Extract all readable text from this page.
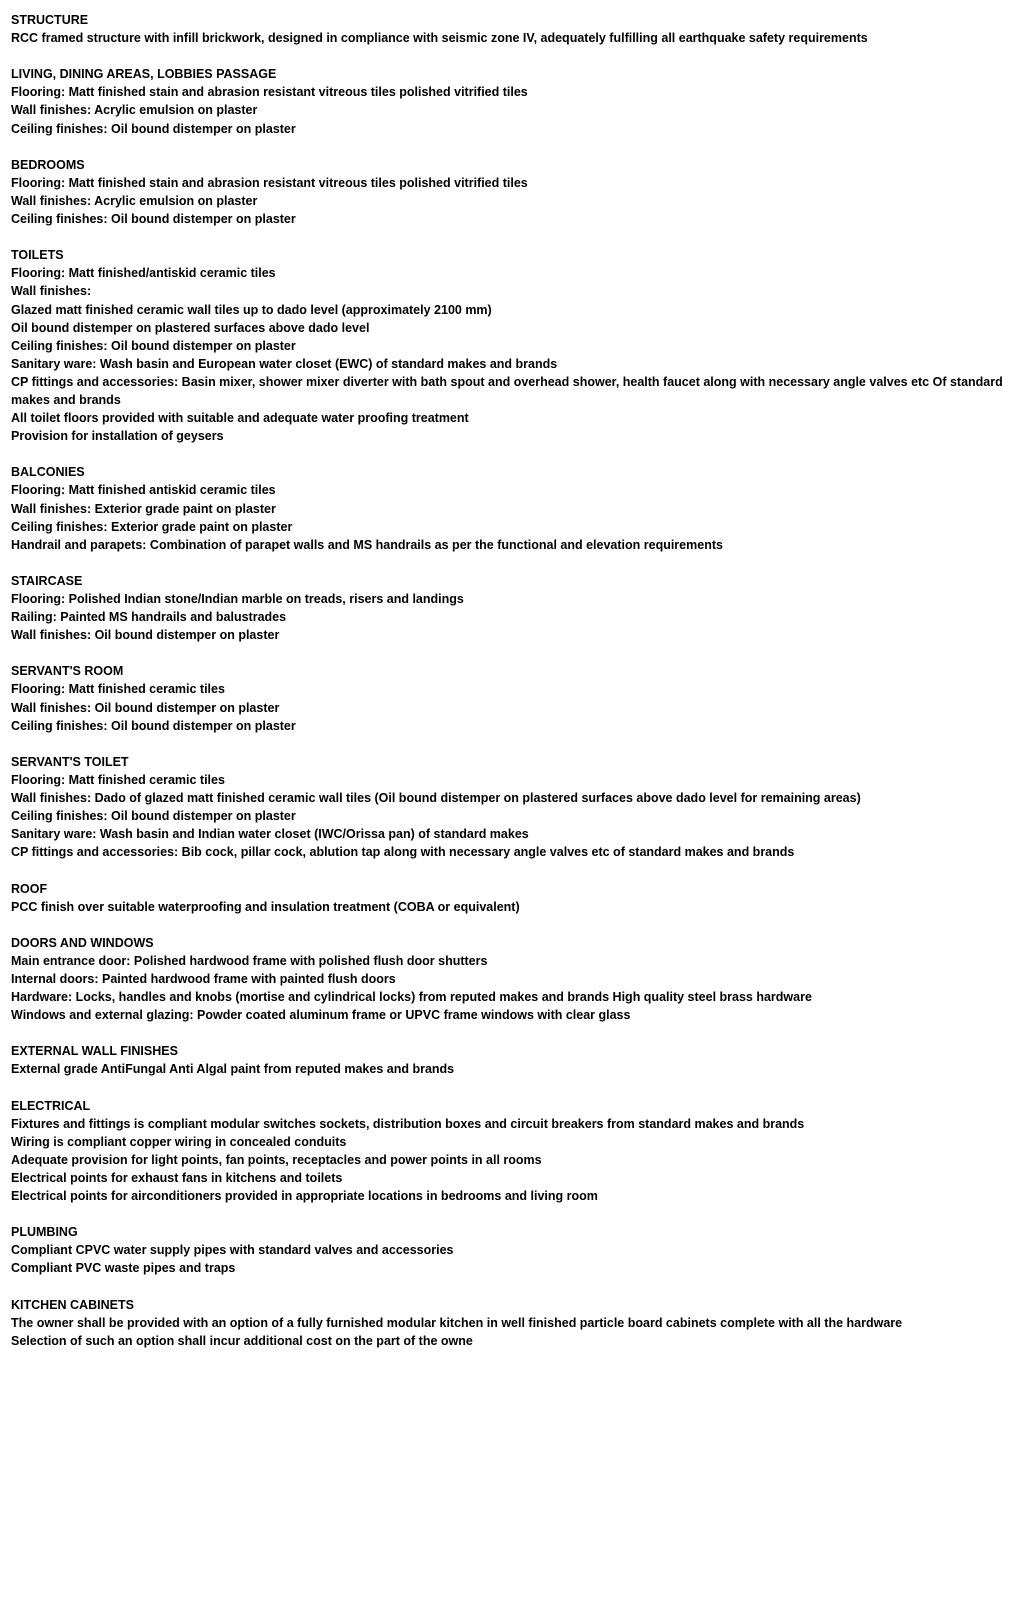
STRUCTURE
RCC framed structure with infill brickwork, designed in compliance with seismic zone IV, adequately fulfilling all earthquake safety requirements
LIVING, DINING AREAS, LOBBIES PASSAGE
Flooring: Matt finished stain and abrasion resistant vitreous tiles polished vitrified tiles
Wall finishes: Acrylic emulsion on plaster
Ceiling finishes: Oil bound distemper on plaster
BEDROOMS
Flooring: Matt finished stain and abrasion resistant vitreous tiles polished vitrified tiles
Wall finishes: Acrylic emulsion on plaster
Ceiling finishes: Oil bound distemper on plaster
TOILETS
Flooring: Matt finished/antiskid ceramic tiles
Wall finishes:
Glazed matt finished ceramic wall tiles up to dado level (approximately 2100 mm)
Oil bound distemper on plastered surfaces above dado level
Ceiling finishes: Oil bound distemper on plaster
Sanitary ware: Wash basin and European water closet (EWC) of standard makes and brands
CP fittings and accessories: Basin mixer, shower mixer diverter with bath spout and overhead shower, health faucet along with necessary angle valves etc Of standard makes and brands
All toilet floors provided with suitable and adequate water proofing treatment
Provision for installation of geysers
BALCONIES
Flooring: Matt finished antiskid ceramic tiles
Wall finishes: Exterior grade paint on plaster
Ceiling finishes: Exterior grade paint on plaster
Handrail and parapets: Combination of parapet walls and MS handrails as per the functional and elevation requirements
STAIRCASE
Flooring: Polished Indian stone/Indian marble on treads, risers and landings
Railing: Painted MS handrails and balustrades
Wall finishes: Oil bound distemper on plaster
SERVANT'S ROOM
Flooring: Matt finished ceramic tiles
Wall finishes: Oil bound distemper on plaster
Ceiling finishes: Oil bound distemper on plaster
SERVANT'S TOILET
Flooring: Matt finished ceramic tiles
Wall finishes: Dado of glazed matt finished ceramic wall tiles (Oil bound distemper on plastered surfaces above dado level for remaining areas)
Ceiling finishes: Oil bound distemper on plaster
Sanitary ware: Wash basin and Indian water closet (IWC/Orissa pan) of standard makes
CP fittings and accessories: Bib cock, pillar cock, ablution tap along with necessary angle valves etc of standard makes and brands
ROOF
PCC finish over suitable waterproofing and insulation treatment (COBA or equivalent)
DOORS AND WINDOWS
Main entrance door: Polished hardwood frame with polished flush door shutters
Internal doors: Painted hardwood frame with painted flush doors
Hardware: Locks, handles and knobs (mortise and cylindrical locks) from reputed makes and brands High quality steel brass hardware
Windows and external glazing: Powder coated aluminum frame or UPVC frame windows with clear glass
EXTERNAL WALL FINISHES
External grade AntiFungal Anti Algal paint from reputed makes and brands
ELECTRICAL
Fixtures and fittings is compliant modular switches sockets, distribution boxes and circuit breakers from standard makes and brands
Wiring is compliant copper wiring in concealed conduits
Adequate provision for light points, fan points, receptacles and power points in all rooms
Electrical points for exhaust fans in kitchens and toilets
Electrical points for airconditioners provided in appropriate locations in bedrooms and living room
PLUMBING
Compliant CPVC water supply pipes with standard valves and accessories
Compliant PVC waste pipes and traps
KITCHEN CABINETS
The owner shall be provided with an option of a fully furnished modular kitchen in well finished particle board cabinets complete with all the hardware
Selection of such an option shall incur additional cost on the part of the owne
